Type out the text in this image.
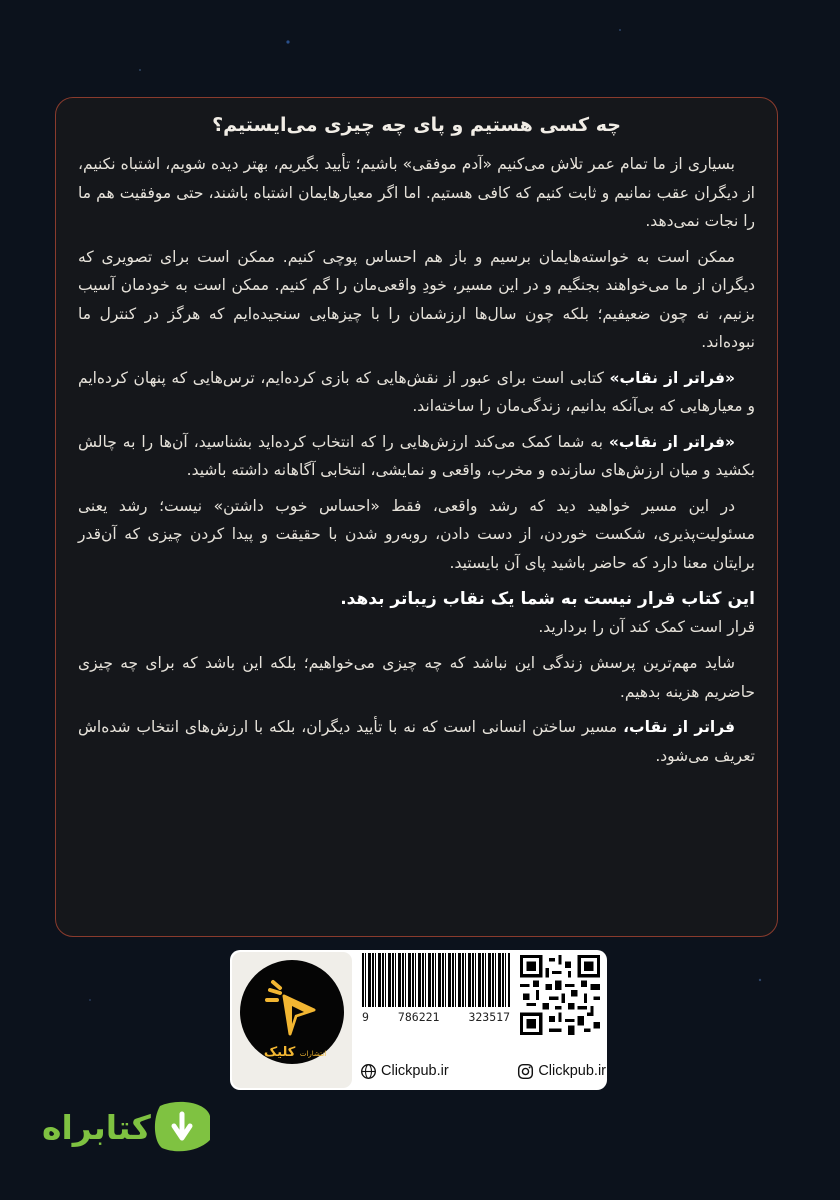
چه کسی هستیم و پای چه چیزی می‌ایستیم؟

بسیاری از ما تمام عمر تلاش می‌کنیم «آدم موفقی» باشیم؛ تأیید بگیریم، بهتر دیده شویم، اشتباه نکنیم، از دیگران عقب نمانیم و ثابت کنیم که کافی هستیم. اما اگر معیارهایمان اشتباه باشند، حتی موفقیت هم ما را نجات نمی‌دهد.

ممکن است به خواسته‌هایمان برسیم و باز هم احساس پوچی کنیم. ممکن است برای تصویری که دیگران از ما می‌خواهند بجنگیم و در این مسیر، خودِ واقعی‌مان را گم کنیم. ممکن است به خودمان آسیب بزنیم، نه چون ضعیفیم؛ بلکه چون سال‌ها ارزشمان را با چیزهایی سنجیده‌ایم که هرگز در کنترل ما نبوده‌اند.

«فراتر از نقاب» کتابی است برای عبور از نقش‌هایی که بازی کرده‌ایم، ترس‌هایی که پنهان کرده‌ایم و معیارهایی که بی‌آنکه بدانیم، زندگی‌مان را ساخته‌اند.

«فراتر از نقاب» به شما کمک می‌کند ارزش‌هایی را که انتخاب کرده‌اید بشناسید، آن‌ها را به چالش بکشید و میان ارزش‌های سازنده و مخرب، واقعی و نمایشی، انتخابی آگاهانه داشته باشید.

در این مسیر خواهید دید که رشد واقعی، فقط «احساس خوب داشتن» نیست؛ رشد یعنی مسئولیت‌پذیری، شکست خوردن، از دست دادن، روبه‌رو شدن با حقیقت و پیدا کردن چیزی که آن‌قدر برایتان معنا دارد که حاضر باشید پای آن بایستید.

این کتاب قرار نیست به شما یک نقاب زیباتر بدهد.

قرار است کمک کند آن را بردارید.

شاید مهم‌ترین پرسش زندگی این نباشد که چه چیزی می‌خواهیم؛ بلکه این باشد که برای چه چیزی حاضریم هزینه بدهیم.

فراتر از نقاب، مسیر ساختن انسانی است که نه با تأیید دیگران، بلکه با ارزش‌های انتخاب شده‌اش تعریف می‌شود.

انتشارات کلیک
9	786221	323517
Clickpub.ir	Clickpub.ir
کتابراه
